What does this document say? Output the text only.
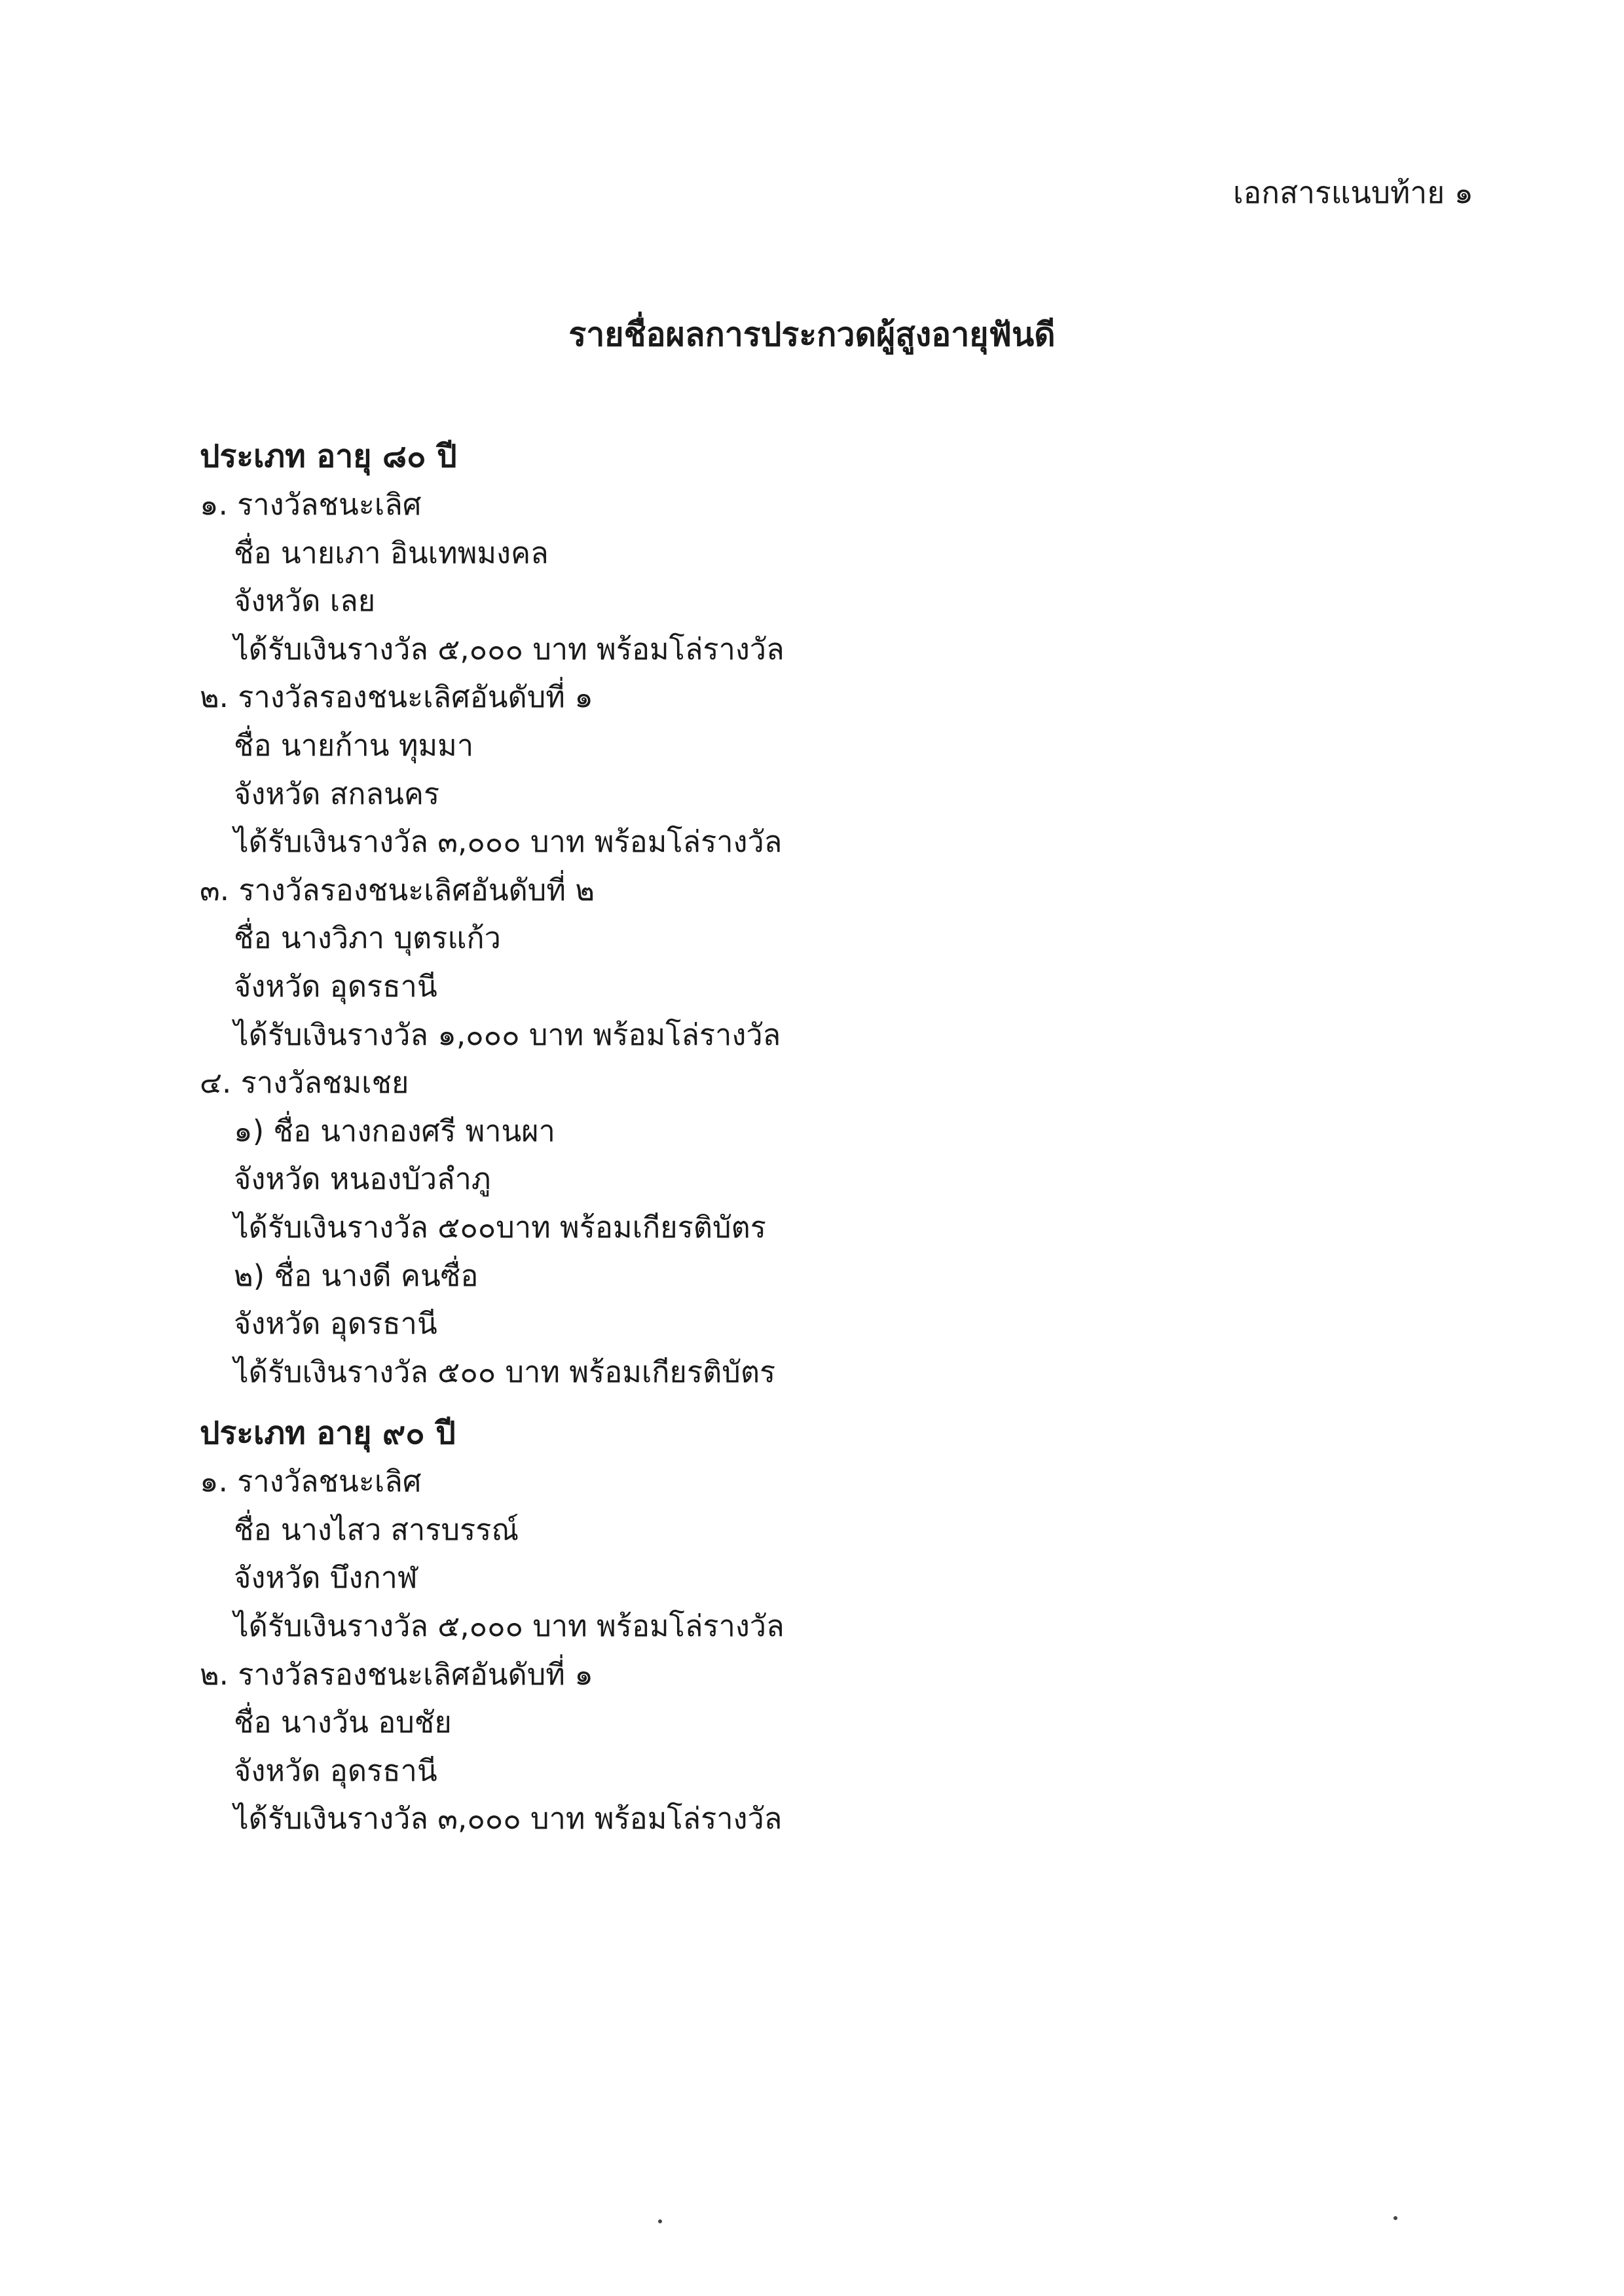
เอกสารแนบท้าย ๑
รายชื่อผลการประกวดผู้สูงอายุฟันดี
ประเภท อายุ ๘๐ ปี
๑. รางวัลชนะเลิศ
ชื่อ นายเภา อินเทพมงคล
จังหวัด เลย
ได้รับเงินรางวัล ๕,๐๐๐ บาท พร้อมโล่รางวัล
๒. รางวัลรองชนะเลิศอันดับที่ ๑
ชื่อ นายก้าน ทุมมา
จังหวัด สกลนคร
ได้รับเงินรางวัล ๓,๐๐๐ บาท พร้อมโล่รางวัล
๓. รางวัลรองชนะเลิศอันดับที่ ๒
ชื่อ นางวิภา บุตรแก้ว
จังหวัด อุดรธานี
ได้รับเงินรางวัล ๑,๐๐๐ บาท พร้อมโล่รางวัล
๔. รางวัลชมเชย
๑) ชื่อ นางกองศรี พานผา
จังหวัด หนองบัวลำภู
ได้รับเงินรางวัล ๕๐๐บาท พร้อมเกียรติบัตร
๒) ชื่อ นางดี คนซื่อ
จังหวัด อุดรธานี
ได้รับเงินรางวัล ๕๐๐ บาท พร้อมเกียรติบัตร
ประเภท อายุ ๙๐ ปี
๑. รางวัลชนะเลิศ
ชื่อ นางไสว สารบรรณ์
จังหวัด บึงกาฬ
ได้รับเงินรางวัล ๕,๐๐๐ บาท พร้อมโล่รางวัล
๒. รางวัลรองชนะเลิศอันดับที่ ๑
ชื่อ นางวัน อบชัย
จังหวัด อุดรธานี
ได้รับเงินรางวัล ๓,๐๐๐ บาท พร้อมโล่รางวัล
